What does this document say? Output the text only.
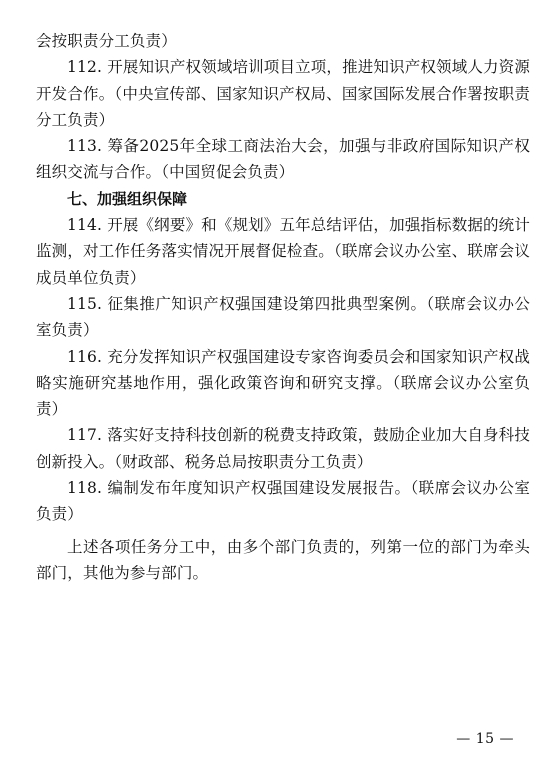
会按职责分工负责）

112. 开展知识产权领域培训项目立项，推进知识产权领域人力资源开发合作。（中央宣传部、国家知识产权局、国家国际发展合作署按职责分工负责）

113. 筹备2025年全球工商法治大会，加强与非政府国际知识产权组织交流与合作。（中国贸促会负责）

七、加强组织保障

114. 开展《纲要》和《规划》五年总结评估，加强指标数据的统计监测，对工作任务落实情况开展督促检查。（联席会议办公室、联席会议成员单位负责）

115. 征集推广知识产权强国建设第四批典型案例。（联席会议办公室负责）

116. 充分发挥知识产权强国建设专家咨询委员会和国家知识产权战略实施研究基地作用，强化政策咨询和研究支撑。（联席会议办公室负责）

117. 落实好支持科技创新的税费支持政策，鼓励企业加大自身科技创新投入。（财政部、税务总局按职责分工负责）

118. 编制发布年度知识产权强国建设发展报告。（联席会议办公室负责）

上述各项任务分工中，由多个部门负责的，列第一位的部门为牵头部门，其他为参与部门。

— 15 —
